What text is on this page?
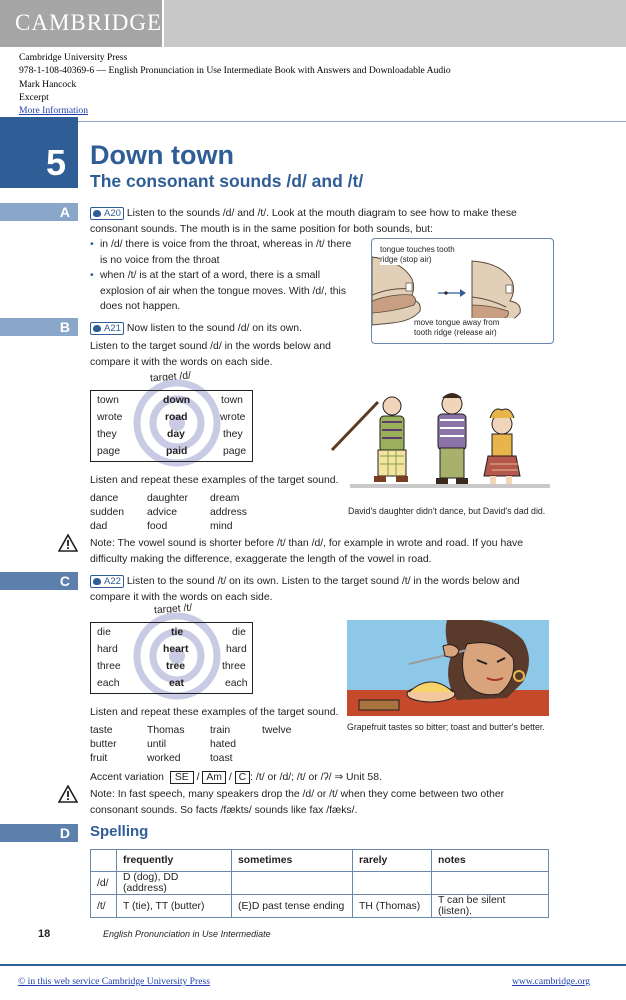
CAMBRIDGE
Cambridge University Press
978-1-108-40369-6 — English Pronunciation in Use Intermediate Book with Answers and Downloadable Audio
Mark Hancock
Excerpt
More Information
5 Down town
The consonant sounds /d/ and /t/
A	A20 Listen to the sounds /d/ and /t/. Look at the mouth diagram to see how to make these consonant sounds. The mouth is in the same position for both sounds, but:
• in /d/ there is voice from the throat, whereas in /t/ there is no voice from the throat
• when /t/ is at the start of a word, there is a small explosion of air when the tongue moves. With /d/, this does not happen.
tongue touches tooth ridge (stop air)
move tongue away from tooth ridge (release air)
B	A21 Now listen to the sound /d/ on its own.
Listen to the target sound /d/ in the words below and compare it with the words on each side.
target /d/
town	down	town
wrote	road	wrote
they	day	they
page	paid	page
Listen and repeat these examples of the target sound.
dance	daughter	dream
sudden	advice	address
dad	food	mind
David's daughter didn't dance, but David's dad did.
Note: The vowel sound is shorter before /t/ than /d/, for example in wrote and road. If you have difficulty making the difference, exaggerate the length of the vowel in road.
C	A22 Listen to the sound /t/ on its own. Listen to the target sound /t/ in the words below and compare it with the words on each side.
target /t/
die	tie	die
hard	heart	hard
three	tree	three
each	eat	each
Listen and repeat these examples of the target sound.
taste	Thomas	train	twelve
butter	until	hated
fruit	worked	toast
Grapefruit tastes so bitter; toast and butter's better.
Accent variation SE / Am / C : /t/ or /d/; /t/ or /ʔ/ ⇒ Unit 58.
Note: In fast speech, many speakers drop the /d/ or /t/ when they come between two other consonant sounds. So facts /fækts/ sounds like fax /fæks/.
D	Spelling
	frequently	sometimes	rarely	notes
/d/	D (dog), DD (address)			
/t/	T (tie), TT (butter)	(E)D past tense ending	TH (Thomas)	T can be silent (listen).
18	English Pronunciation in Use Intermediate
© in this web service Cambridge University Press	www.cambridge.org
